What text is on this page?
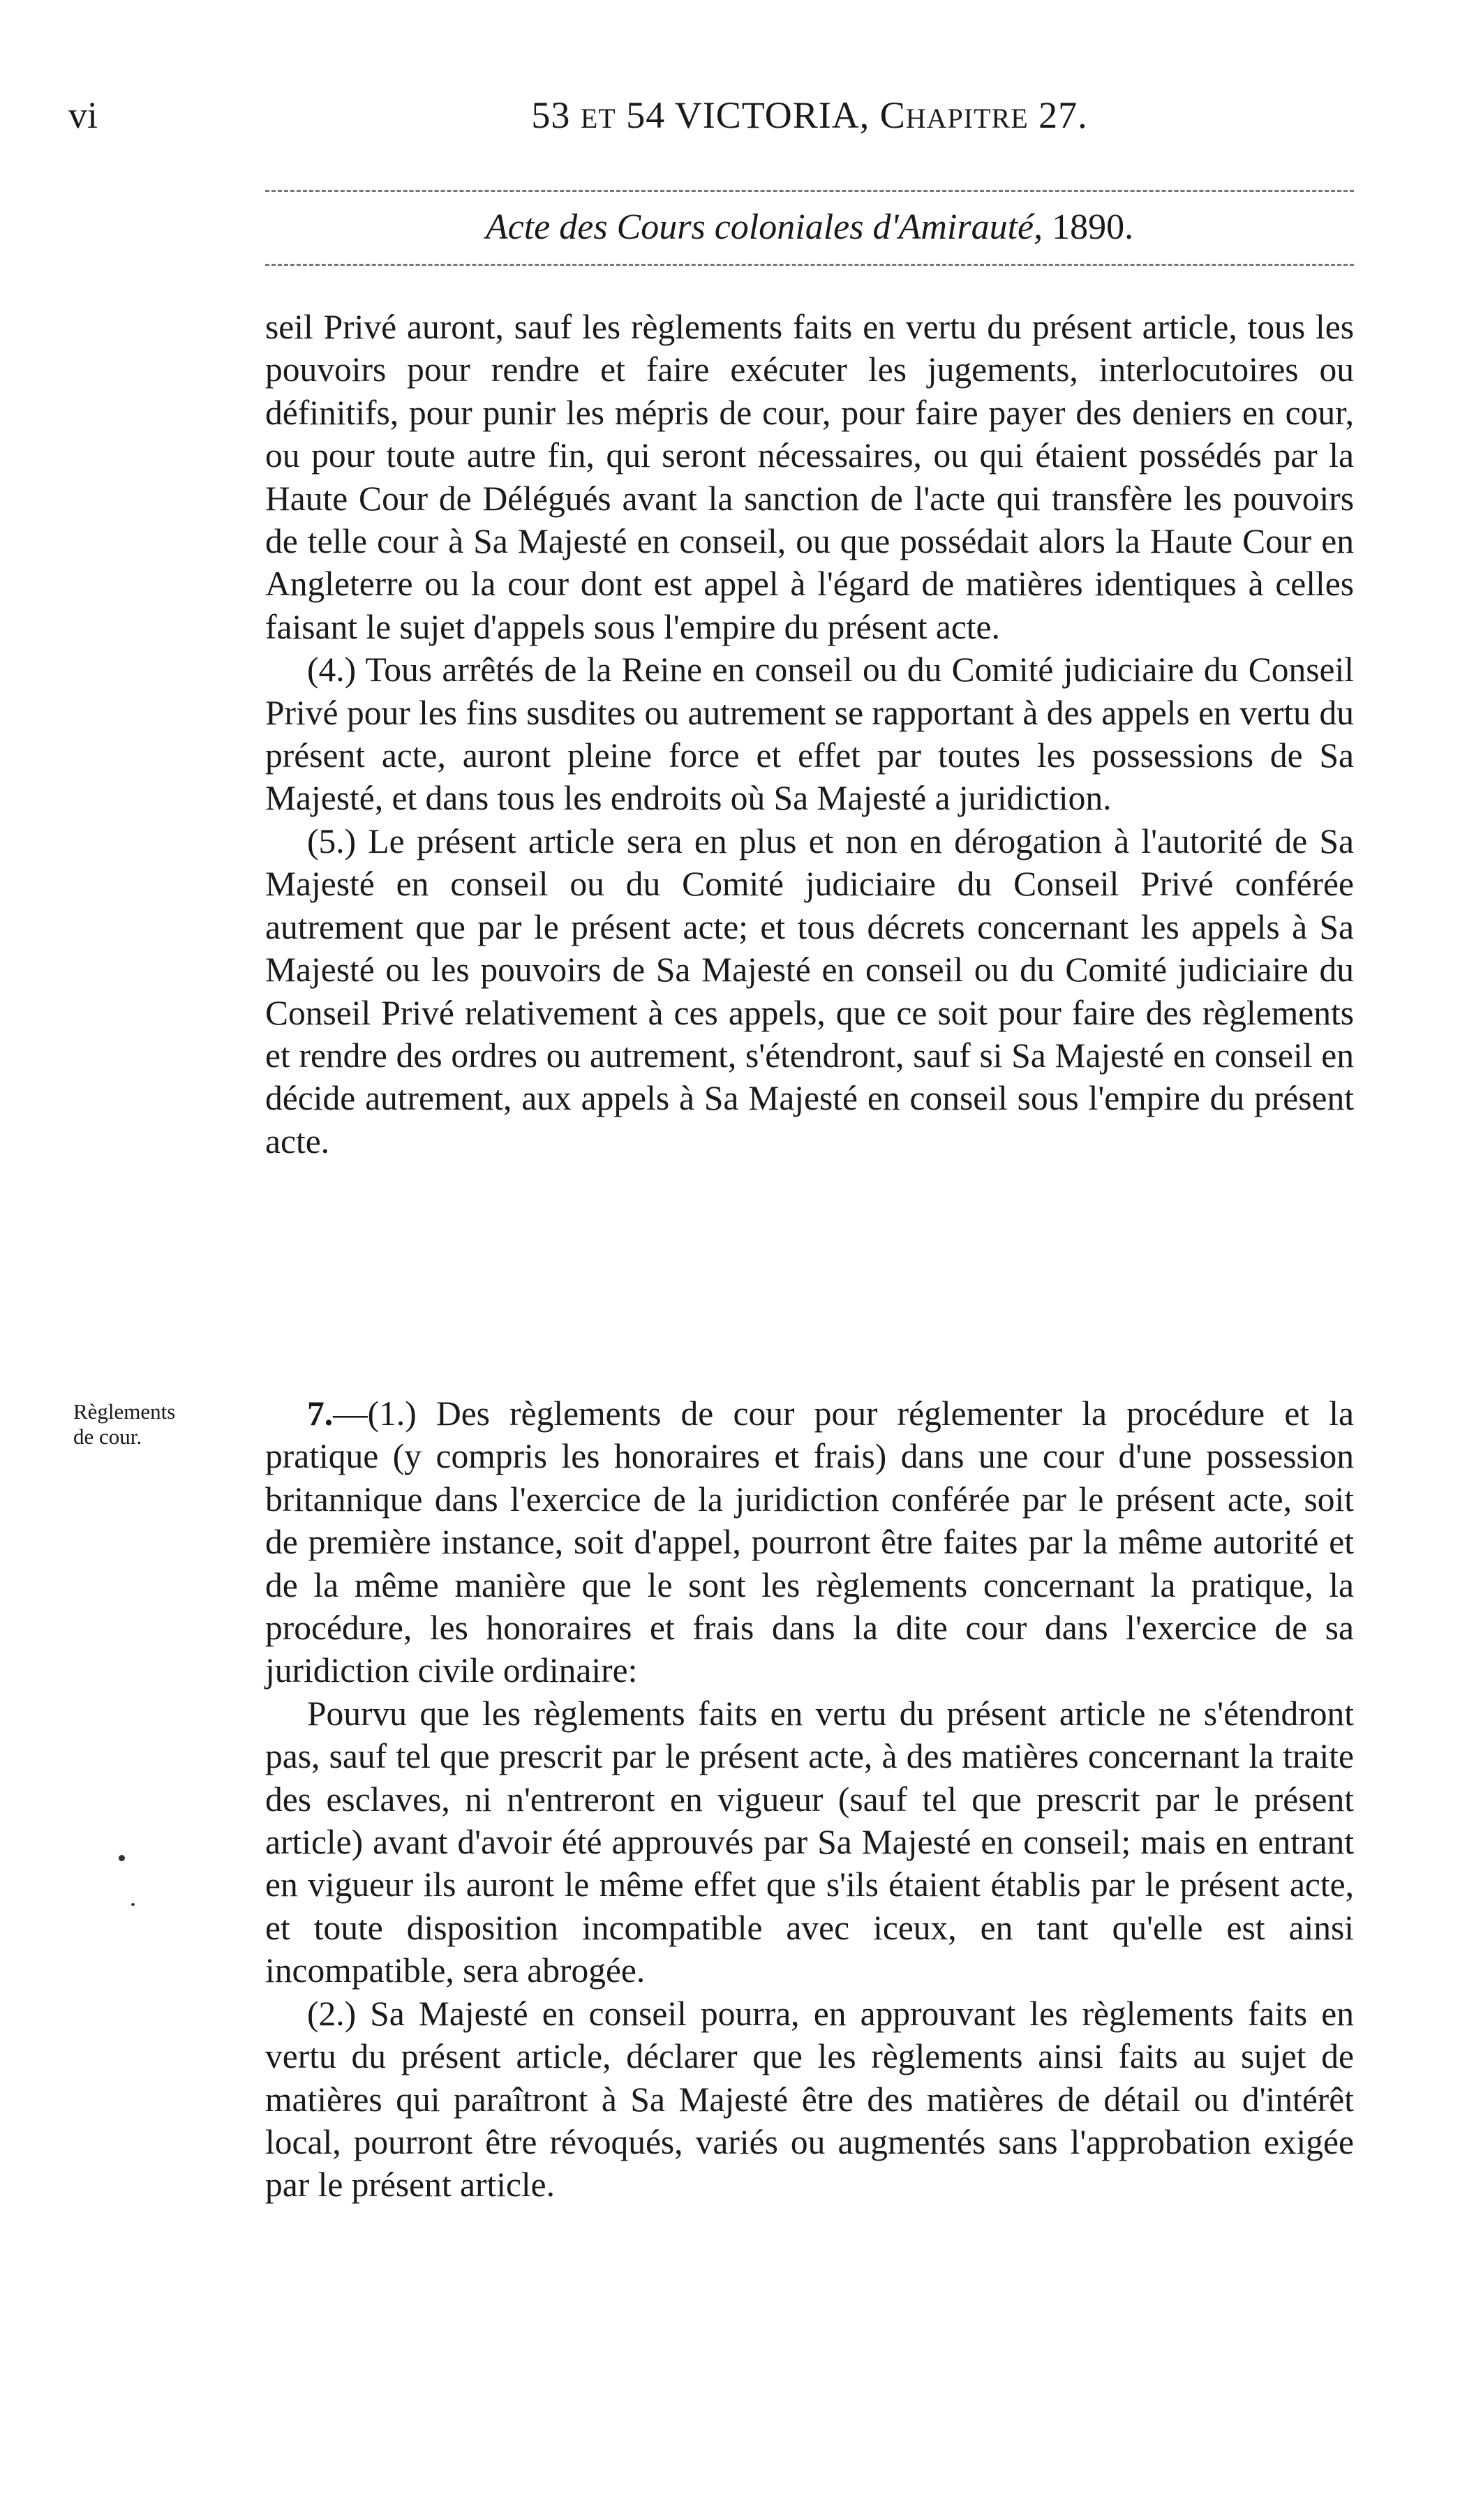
vi	53 ET 54 VICTORIA, CHAPITRE 27.
Acte des Cours coloniales d'Amirauté, 1890.

seil Privé auront, sauf les règlements faits en vertu du présent article, tous les pouvoirs pour rendre et faire exécuter les jugements, interlocutoires ou définitifs, pour punir les mépris de cour, pour faire payer des deniers en cour, ou pour toute autre fin, qui seront nécessaires, ou qui étaient possédés par la Haute Cour de Délégués avant la sanction de l'acte qui transfère les pouvoirs de telle cour à Sa Majesté en conseil, ou que possédait alors la Haute Cour en Angleterre ou la cour dont est appel à l'égard de matières identiques à celles faisant le sujet d'appels sous l'empire du présent acte.

(4.) Tous arrêtés de la Reine en conseil ou du Comité judiciaire du Conseil Privé pour les fins susdites ou autrement se rapportant à des appels en vertu du présent acte, auront pleine force et effet par toutes les possessions de Sa Majesté, et dans tous les endroits où Sa Majesté a juridiction.

(5.) Le présent article sera en plus et non en dérogation à l'autorité de Sa Majesté en conseil ou du Comité judiciaire du Conseil Privé conférée autrement que par le présent acte; et tous décrets concernant les appels à Sa Majesté ou les pouvoirs de Sa Majesté en conseil ou du Comité judiciaire du Conseil Privé relativement à ces appels, que ce soit pour faire des règlements et rendre des ordres ou autrement, s'étendront, sauf si Sa Majesté en conseil en décide autrement, aux appels à Sa Majesté en conseil sous l'empire du présent acte.

Règlements
de cour.

7.—(1.) Des règlements de cour pour réglementer la procédure et la pratique (y compris les honoraires et frais) dans une cour d'une possession britannique dans l'exercice de la juridiction conférée par le présent acte, soit de première instance, soit d'appel, pourront être faites par la même autorité et de la même manière que le sont les règlements concernant la pratique, la procédure, les honoraires et frais dans la dite cour dans l'exercice de sa juridiction civile ordinaire:

Pourvu que les règlements faits en vertu du présent article ne s'étendront pas, sauf tel que prescrit par le présent acte, à des matières concernant la traite des esclaves, ni n'entreront en vigueur (sauf tel que prescrit par le présent article) avant d'avoir été approuvés par Sa Majesté en conseil; mais en entrant en vigueur ils auront le même effet que s'ils étaient établis par le présent acte, et toute disposition incompatible avec iceux, en tant qu'elle est ainsi incompatible, sera abrogée.

(2.) Sa Majesté en conseil pourra, en approuvant les règlements faits en vertu du présent article, déclarer que les règlements ainsi faits au sujet de matières qui paraîtront à Sa Majesté être des matières de détail ou d'intérêt local, pourront être révoqués, variés ou augmentés sans l'approbation exigée par le présent article.
